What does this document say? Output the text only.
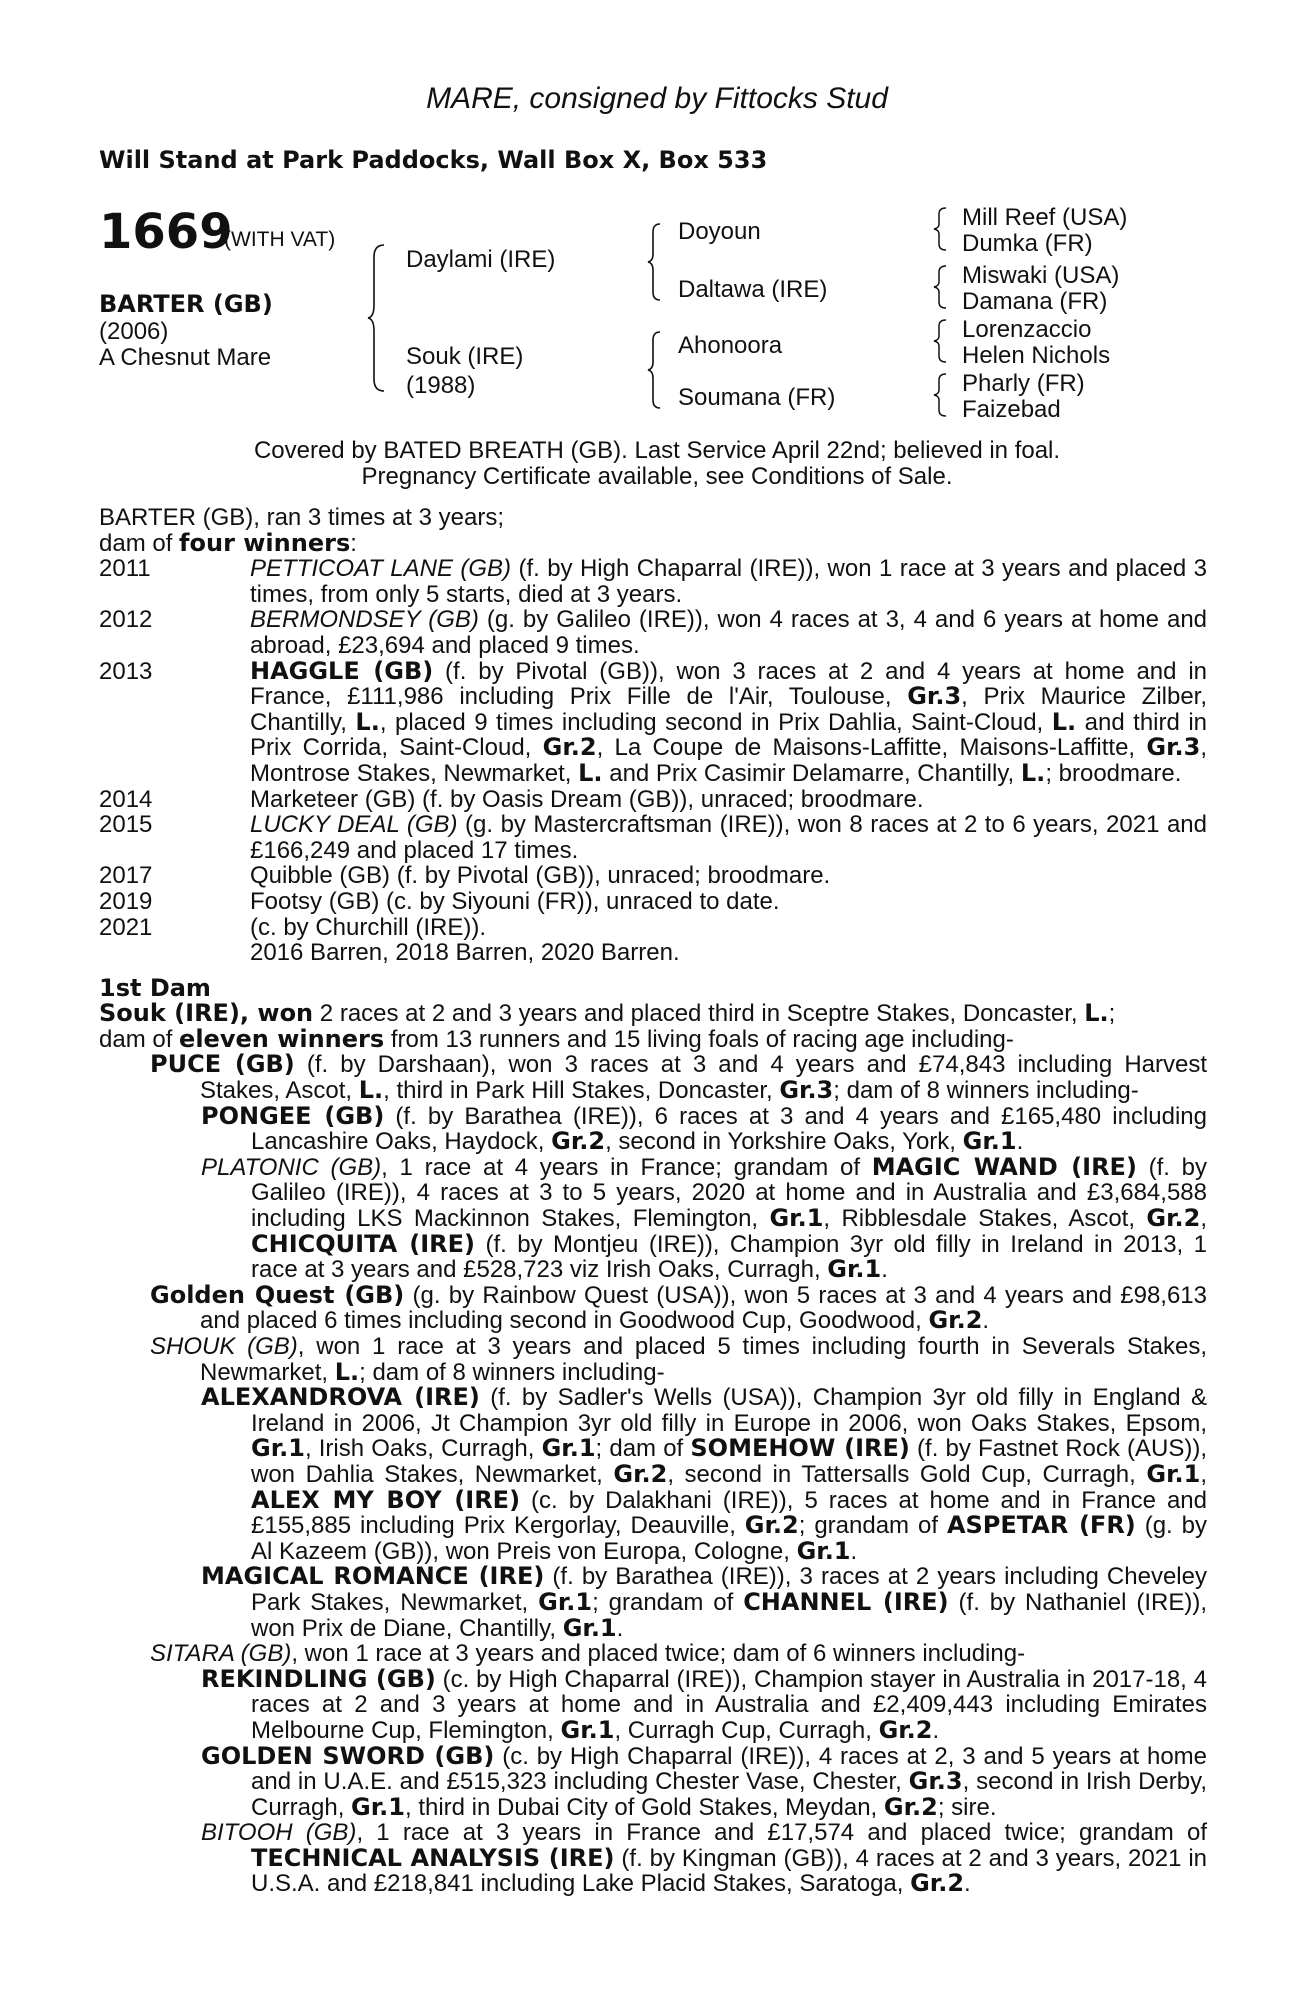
MARE, consigned by Fittocks Stud
Will Stand at Park Paddocks, Wall Box X, Box 533
1669
(WITH VAT)
BARTER (GB)
(2006)
A Chesnut Mare
Daylami (IRE)
Souk (IRE)
(1988)
Doyoun
Daltawa (IRE)
Ahonoora
Soumana (FR)
Mill Reef (USA)
Dumka (FR)
Miswaki (USA)
Damana (FR)
Lorenzaccio
Helen Nichols
Pharly (FR)
Faizebad
Covered by BATED BREATH (GB). Last Service April 22nd; believed in foal.
Pregnancy Certificate available, see Conditions of Sale.

BARTER (GB), ran 3 times at 3 years;

dam of four winners:

2011	PETTICOAT LANE (GB) (f. by High Chaparral (IRE)), won 1 race at 3 years and placed 3 times, from only 5 starts, died at 3 years.
2012	BERMONDSEY (GB) (g. by Galileo (IRE)), won 4 races at 3, 4 and 6 years at home and abroad, £23,694 and placed 9 times.
2013	HAGGLE (GB) (f. by Pivotal (GB)), won 3 races at 2 and 4 years at home and in France, £111,986 including Prix Fille de l'Air, Toulouse, Gr.3, Prix Maurice Zilber, Chantilly, L., placed 9 times including second in Prix Dahlia, Saint-Cloud, L. and third in Prix Corrida, Saint-Cloud, Gr.2, La Coupe de Maisons-Laffitte, Maisons-Laffitte, Gr.3, Montrose Stakes, Newmarket, L. and Prix Casimir Delamarre, Chantilly, L.; broodmare.
2014	Marketeer (GB) (f. by Oasis Dream (GB)), unraced; broodmare.
2015	LUCKY DEAL (GB) (g. by Mastercraftsman (IRE)), won 8 races at 2 to 6 years, 2021 and £166,249 and placed 17 times.
2017	Quibble (GB) (f. by Pivotal (GB)), unraced; broodmare.
2019	Footsy (GB) (c. by Siyouni (FR)), unraced to date.
2021	(c. by Churchill (IRE)).
2016 Barren, 2018 Barren, 2020 Barren.

1st Dam

Souk (IRE), won 2 races at 2 and 3 years and placed third in Sceptre Stakes, Doncaster, L.;

dam of eleven winners from 13 runners and 15 living foals of racing age including-

PUCE (GB) (f. by Darshaan), won 3 races at 3 and 4 years and £74,843 including Harvest Stakes, Ascot, L., third in Park Hill Stakes, Doncaster, Gr.3; dam of 8 winners including-

PONGEE (GB) (f. by Barathea (IRE)), 6 races at 3 and 4 years and £165,480 including Lancashire Oaks, Haydock, Gr.2, second in Yorkshire Oaks, York, Gr.1.

PLATONIC (GB), 1 race at 4 years in France; grandam of MAGIC WAND (IRE) (f. by Galileo (IRE)), 4 races at 3 to 5 years, 2020 at home and in Australia and £3,684,588 including LKS Mackinnon Stakes, Flemington, Gr.1, Ribblesdale Stakes, Ascot, Gr.2, CHICQUITA (IRE) (f. by Montjeu (IRE)), Champion 3yr old filly in Ireland in 2013, 1 race at 3 years and £528,723 viz Irish Oaks, Curragh, Gr.1.

Golden Quest (GB) (g. by Rainbow Quest (USA)), won 5 races at 3 and 4 years and £98,613 and placed 6 times including second in Goodwood Cup, Goodwood, Gr.2.

SHOUK (GB), won 1 race at 3 years and placed 5 times including fourth in Severals Stakes, Newmarket, L.; dam of 8 winners including-

ALEXANDROVA (IRE) (f. by Sadler's Wells (USA)), Champion 3yr old filly in England & Ireland in 2006, Jt Champion 3yr old filly in Europe in 2006, won Oaks Stakes, Epsom, Gr.1, Irish Oaks, Curragh, Gr.1; dam of SOMEHOW (IRE) (f. by Fastnet Rock (AUS)), won Dahlia Stakes, Newmarket, Gr.2, second in Tattersalls Gold Cup, Curragh, Gr.1, ALEX MY BOY (IRE) (c. by Dalakhani (IRE)), 5 races at home and in France and £155,885 including Prix Kergorlay, Deauville, Gr.2; grandam of ASPETAR (FR) (g. by Al Kazeem (GB)), won Preis von Europa, Cologne, Gr.1.

MAGICAL ROMANCE (IRE) (f. by Barathea (IRE)), 3 races at 2 years including Cheveley Park Stakes, Newmarket, Gr.1; grandam of CHANNEL (IRE) (f. by Nathaniel (IRE)), won Prix de Diane, Chantilly, Gr.1.

SITARA (GB), won 1 race at 3 years and placed twice; dam of 6 winners including-

REKINDLING (GB) (c. by High Chaparral (IRE)), Champion stayer in Australia in 2017-18, 4 races at 2 and 3 years at home and in Australia and £2,409,443 including Emirates Melbourne Cup, Flemington, Gr.1, Curragh Cup, Curragh, Gr.2.

GOLDEN SWORD (GB) (c. by High Chaparral (IRE)), 4 races at 2, 3 and 5 years at home and in U.A.E. and £515,323 including Chester Vase, Chester, Gr.3, second in Irish Derby, Curragh, Gr.1, third in Dubai City of Gold Stakes, Meydan, Gr.2; sire.

BITOOH (GB), 1 race at 3 years in France and £17,574 and placed twice; grandam of TECHNICAL ANALYSIS (IRE) (f. by Kingman (GB)), 4 races at 2 and 3 years, 2021 in U.S.A. and £218,841 including Lake Placid Stakes, Saratoga, Gr.2.
